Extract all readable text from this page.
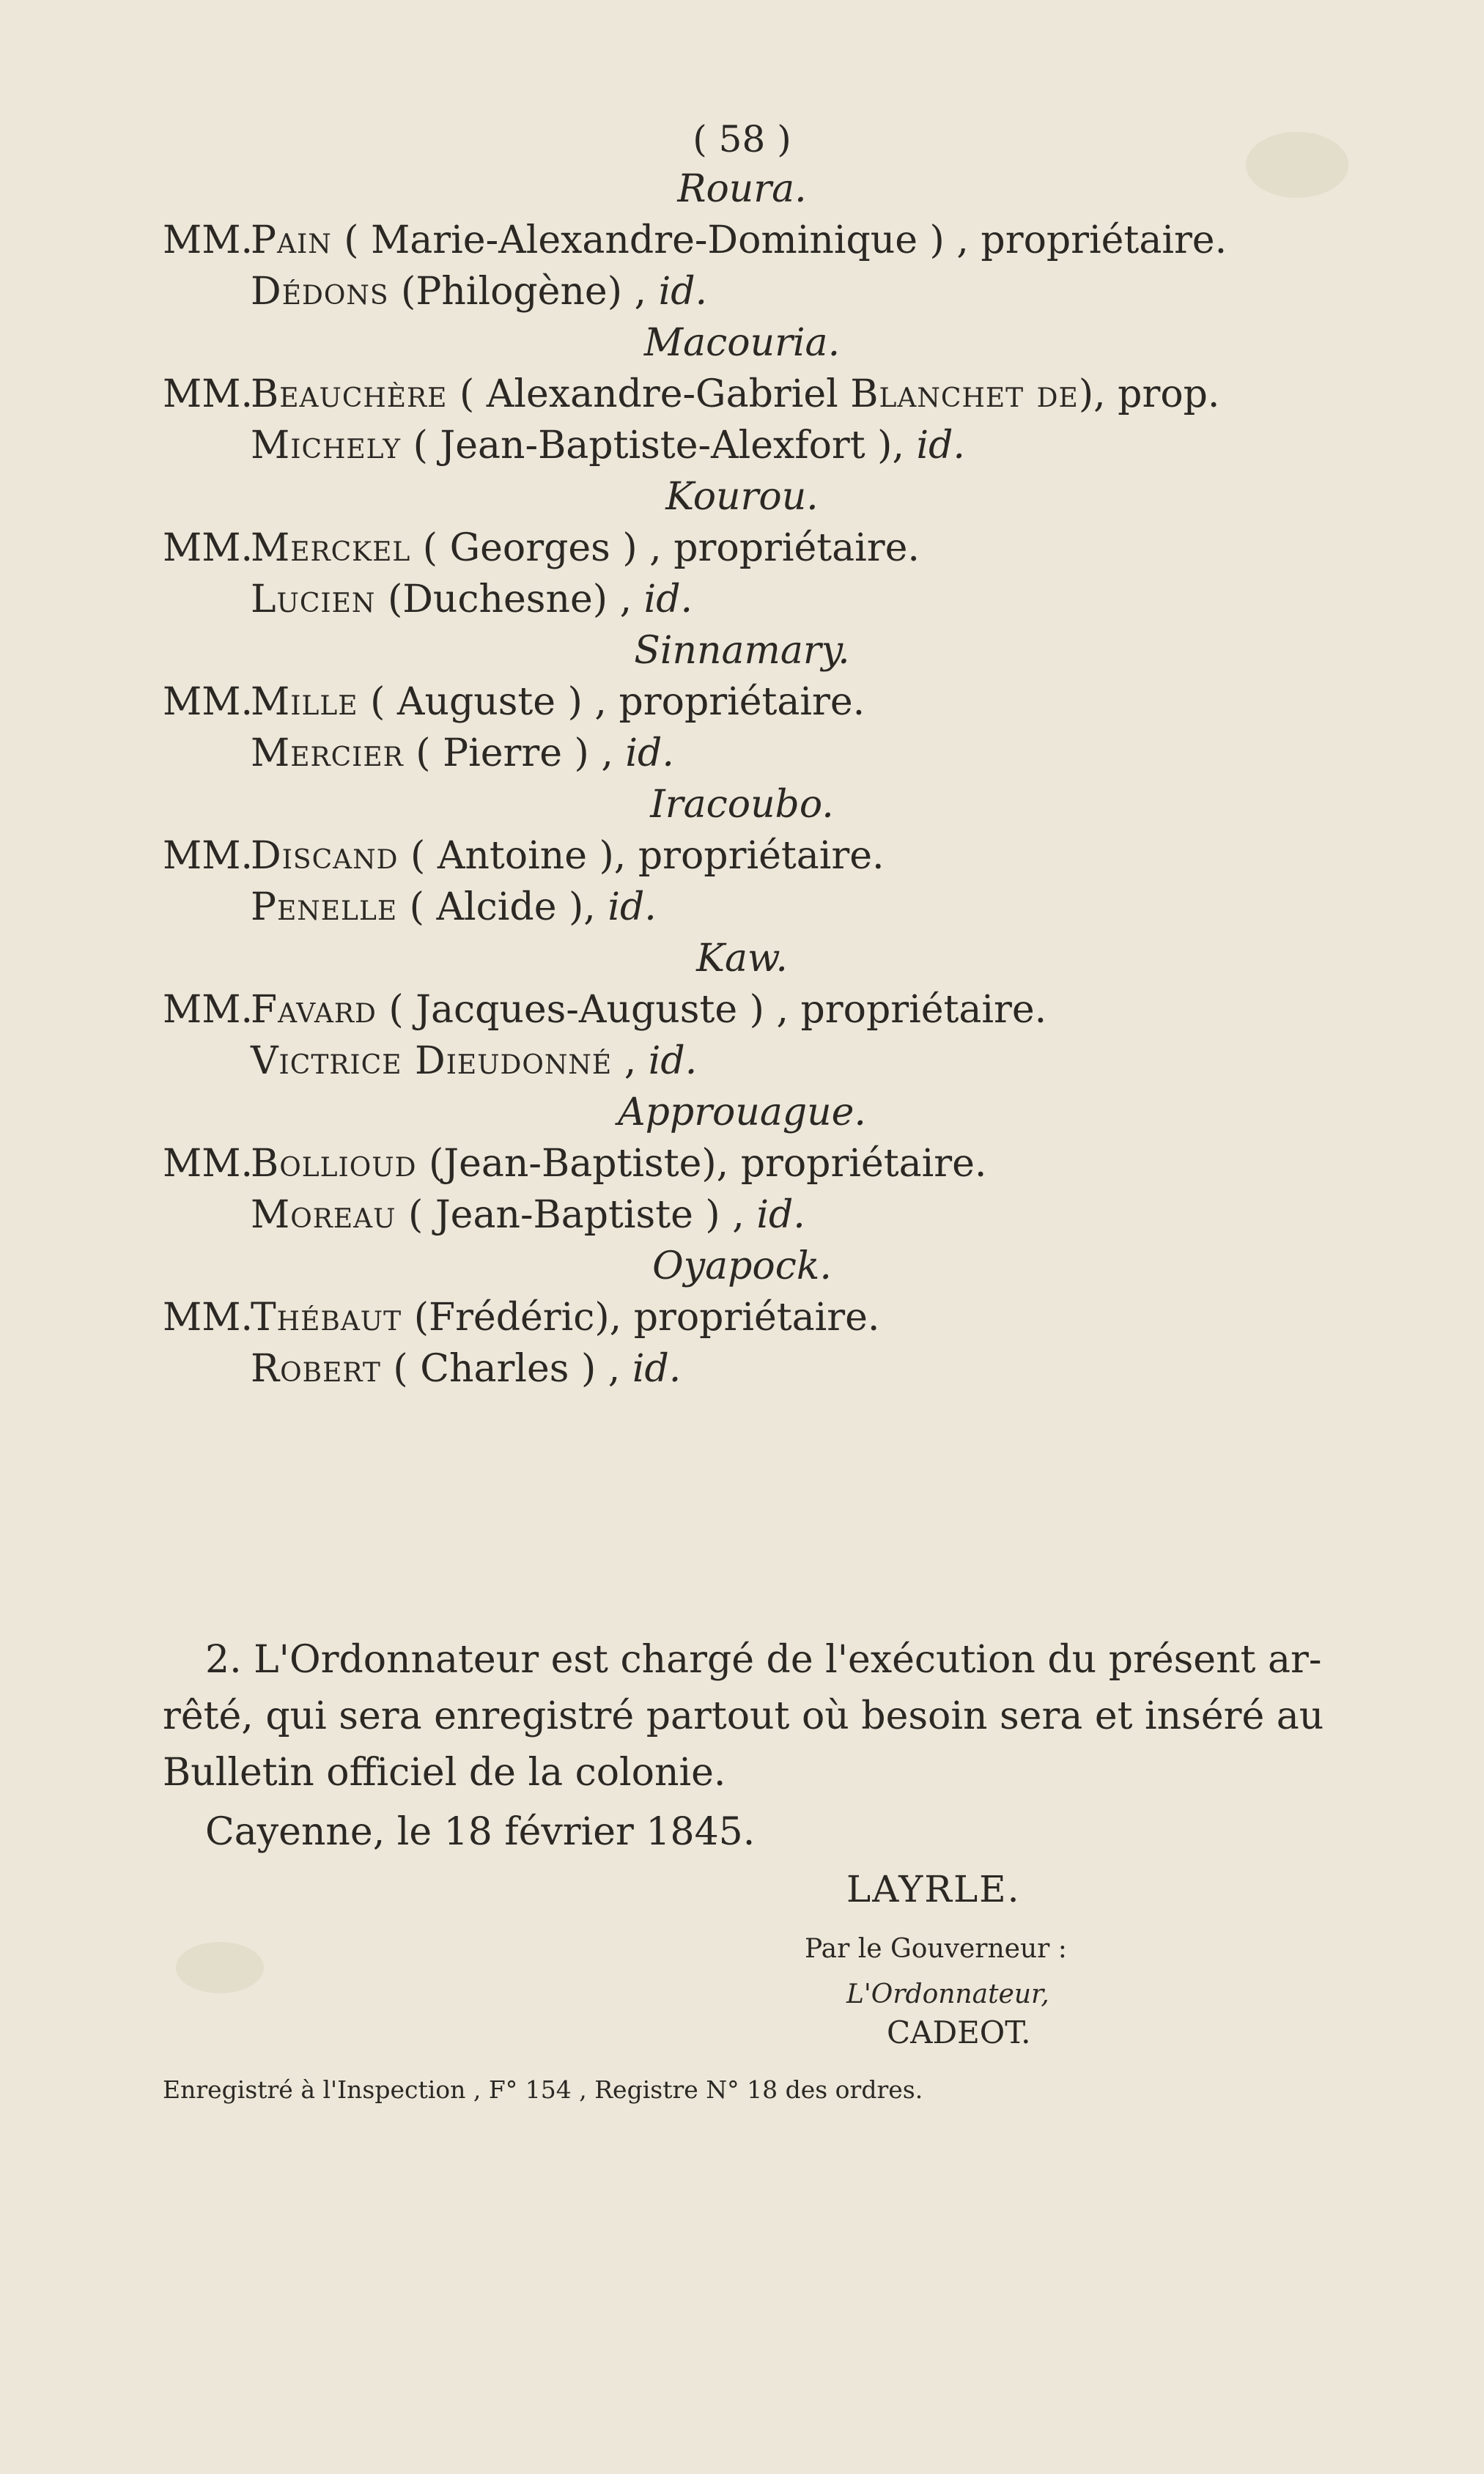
( 58 )
Roura.
MM.Pain ( Marie-Alexandre-Dominique ) , propriétaire.
Dédons (Philogène) , id.
Macouria.
MM.Beauchère ( Alexandre-Gabriel Blanchet de), prop.
Michely ( Jean-Baptiste-Alexfort ), id.
Kourou.
MM.Merckel ( Georges ) , propriétaire.
Lucien (Duchesne) , id.
Sinnamary.
MM.Mille ( Auguste ) , propriétaire.
Mercier ( Pierre ) , id.
Iracoubo.
MM.Discand ( Antoine ), propriétaire.
Penelle ( Alcide ), id.
Kaw.
MM.Favard ( Jacques-Auguste ) , propriétaire.
Victrice Dieudonné , id.
Approuague.
MM.Bollioud (Jean-Baptiste), propriétaire.
Moreau ( Jean-Baptiste ) , id.
Oyapock.
MM.Thébaut (Frédéric), propriétaire.
Robert ( Charles ) , id.
2. L'Ordonnateur est chargé de l'exécution du présent ar-
rêté, qui sera enregistré partout où besoin sera et inséré au
Bulletin officiel de la colonie.
Cayenne, le 18 février 1845.
LAYRLE.
Par le Gouverneur :
L'Ordonnateur,
CADEOT.
Enregistré à l'Inspection , F° 154 , Registre N° 18 des ordres.
